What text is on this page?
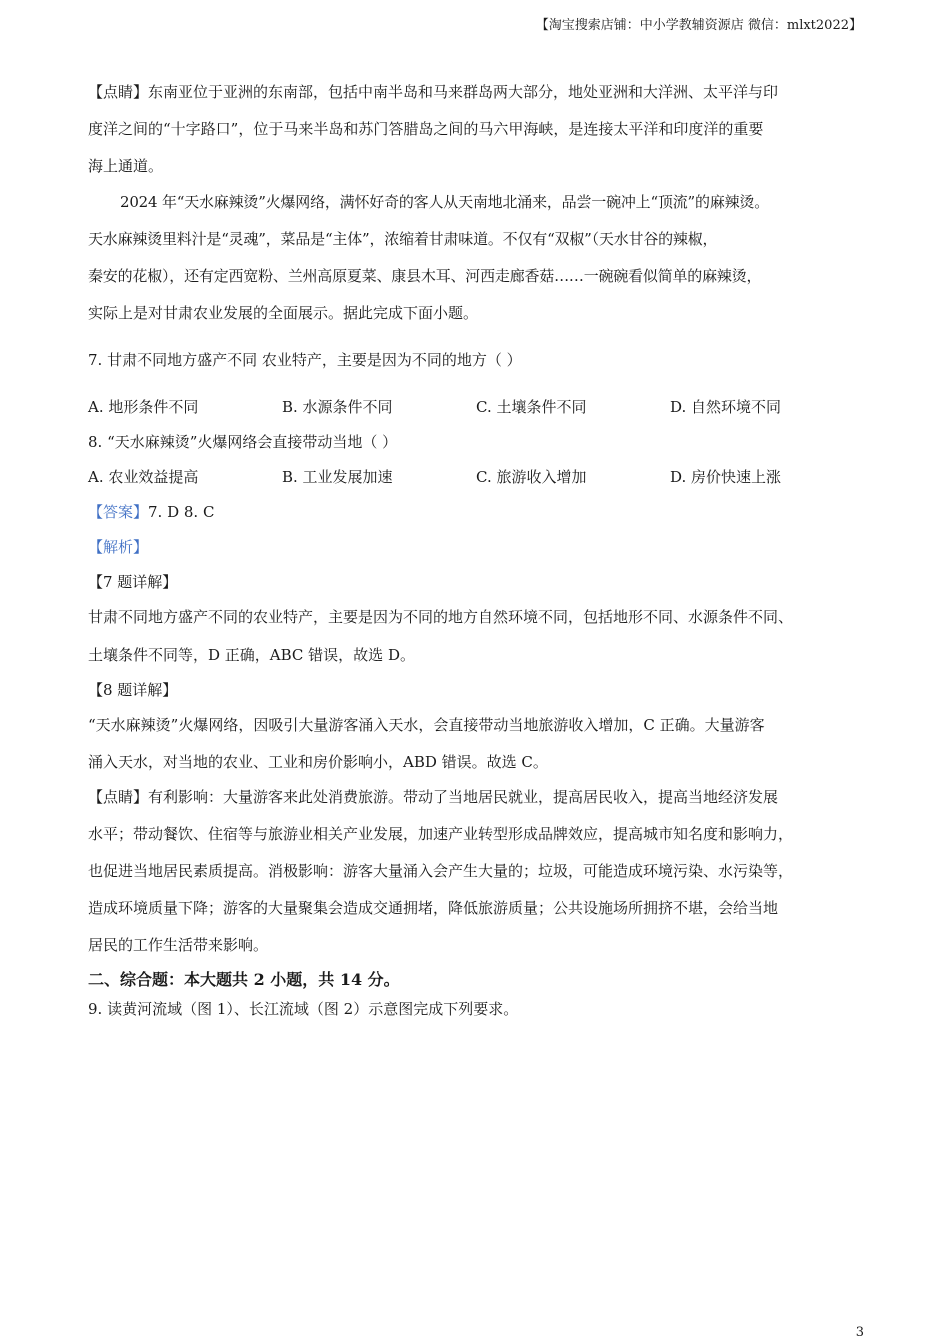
【淘宝搜索店铺：中小学教辅资源店 微信：mlxt2022】
【点睛】东南亚位于亚洲的东南部，包括中南半岛和马来群岛两大部分，地处亚洲和大洋洲、太平洋与印
度洋之间的“十字路口”，位于马来半岛和苏门答腊岛之间的马六甲海峡，是连接太平洋和印度洋的重要
海上通道。
2024 年“天水麻辣烫”火爆网络，满怀好奇的客人从天南地北涌来，品尝一碗冲上“顶流”的麻辣烫。
天水麻辣烫里料汁是“灵魂”，菜品是“主体”，浓缩着甘肃味道。不仅有“双椒”（天水甘谷的辣椒，
秦安的花椒），还有定西宽粉、兰州高原夏菜、康县木耳、河西走廊香菇……一碗碗看似简单的麻辣烫，
实际上是对甘肃农业发展的全面展示。据此完成下面小题。
7. 甘肃不同地方盛产不同 农业特产，主要是因为不同的地方（ ）
A. 地形条件不同	B. 水源条件不同	C. 土壤条件不同	D. 自然环境不同
8. “天水麻辣烫”火爆网络会直接带动当地（ ）
A. 农业效益提高	B. 工业发展加速	C. 旅游收入增加	D. 房价快速上涨
【答案】7. D 8. C
【解析】
【7 题详解】
甘肃不同地方盛产不同的农业特产，主要是因为不同的地方自然环境不同，包括地形不同、水源条件不同、
土壤条件不同等，D 正确，ABC 错误，故选 D。
【8 题详解】
“天水麻辣烫”火爆网络，因吸引大量游客涌入天水，会直接带动当地旅游收入增加，C 正确。大量游客
涌入天水，对当地的农业、工业和房价影响小，ABD 错误。故选 C。
【点睛】有利影响：大量游客来此处消费旅游。带动了当地居民就业，提高居民收入，提高当地经济发展
水平；带动餐饮、住宿等与旅游业相关产业发展，加速产业转型形成品牌效应，提高城市知名度和影响力，
也促进当地居民素质提高。消极影响：游客大量涌入会产生大量的；垃圾，可能造成环境污染、水污染等，
造成环境质量下降；游客的大量聚集会造成交通拥堵，降低旅游质量；公共设施场所拥挤不堪，会给当地
居民的工作生活带来影响。
二、综合题：本大题共 2 小题，共 14 分。
9. 读黄河流域（图 1）、长江流域（图 2）示意图完成下列要求。
3
